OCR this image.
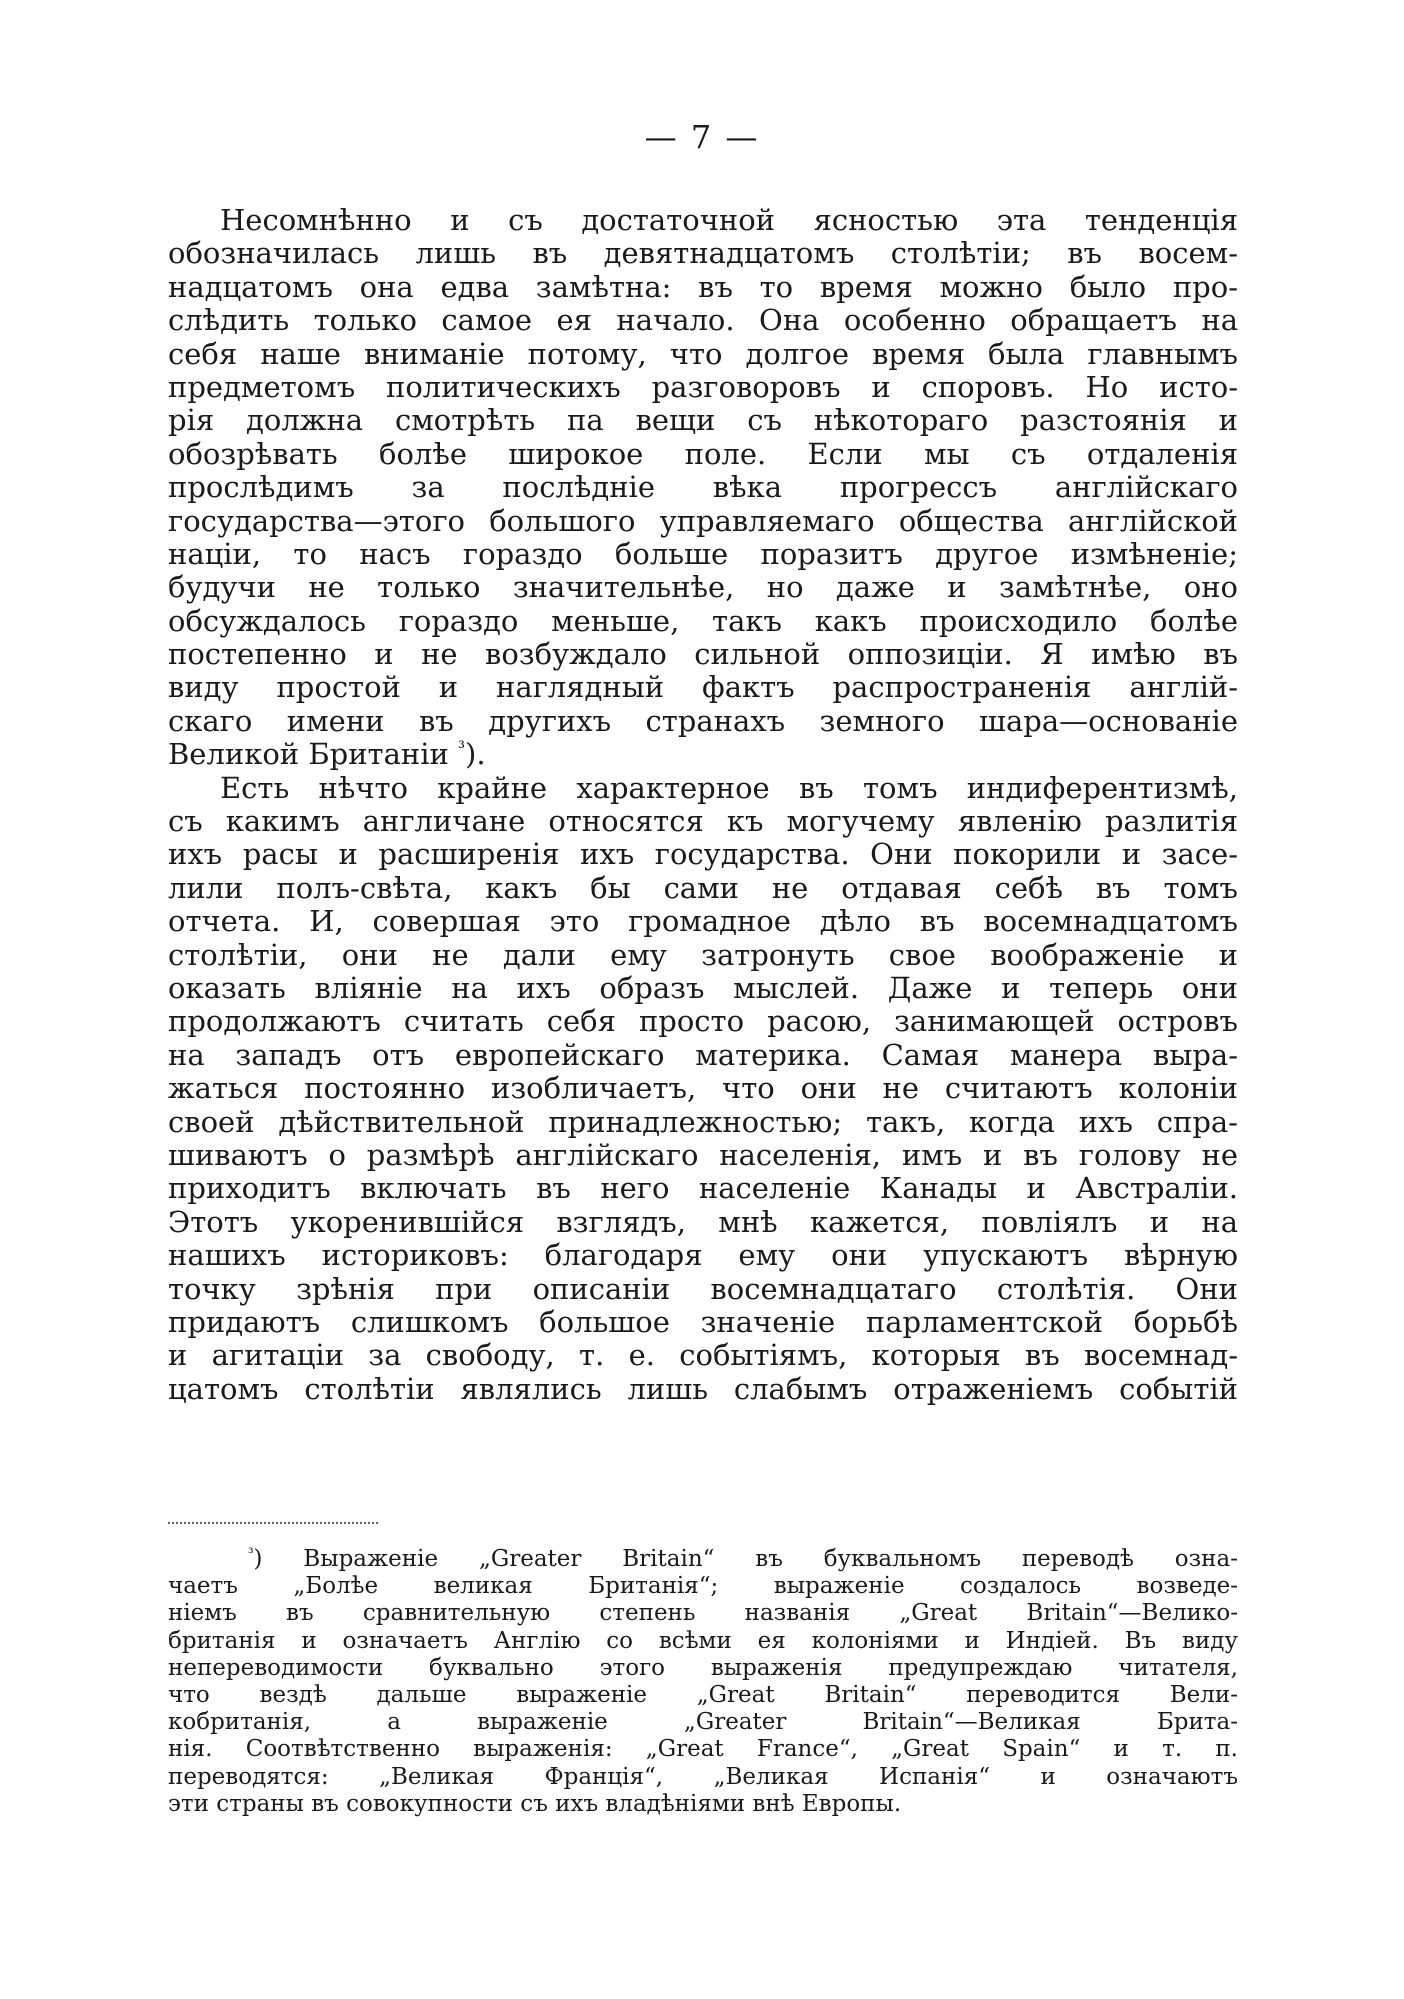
— 7 —
Несомнѣнно и съ достаточной ясностью эта тенденція
обозначилась лишь въ девятнадцатомъ столѣтіи; въ восем-
надцатомъ она едва замѣтна: въ то время можно было про-
слѣдить только самое ея начало. Она особенно обращаетъ на
себя наше вниманіе потому, что долгое время была главнымъ
предметомъ политическихъ разговоровъ и споровъ. Но исто-
рія должна смотрѣть па вещи съ нѣкотораго разстоянія и
обозрѣвать болѣе широкое поле. Если мы съ отдаленія
прослѣдимъ за послѣдніе вѣка прогрессъ англійскаго
государства—этого большого управляемаго общества англійской
націи, то насъ гораздо больше поразитъ другое измѣненіе;
будучи не только значительнѣе, но даже и замѣтнѣе, оно
обсуждалось гораздо меньше, такъ какъ происходило болѣе
постепенно и не возбуждало сильной оппозиціи. Я имѣю въ
виду простой и наглядный фактъ распространенія англій-
скаго имени въ другихъ странахъ земного шара—основаніе
Великой Британіи $^{^3}$).
Есть нѣчто крайне характерное въ томъ индиферентизмѣ,
съ какимъ англичане относятся къ могучему явленію разлитія
ихъ расы и расширенія ихъ государства. Они покорили и засе-
лили полъ-свѣта, какъ бы сами не отдавая себѣ въ томъ
отчета. И, совершая это громадное дѣло въ восемнадцатомъ
столѣтіи, они не дали ему затронуть свое воображеніе и
оказать вліяніе на ихъ образъ мыслей. Даже и теперь они
продолжаютъ считать себя просто расою, занимающей островъ
на западъ отъ европейскаго материка. Самая манера выра-
жаться постоянно изобличаетъ, что они не считаютъ колоніи
своей дѣйствительной принадлежностью; такъ, когда ихъ спра-
шиваютъ о размѣрѣ англійскаго населенія, имъ и въ голову не
приходитъ включать въ него населеніе Канады и Австраліи.
Этотъ укоренившійся взглядъ, мнѣ кажется, повліялъ и на
нашихъ историковъ: благодаря ему они упускаютъ вѣрную
точку зрѣнія при описаніи восемнадцатаго столѣтія. Они
придаютъ слишкомъ большое значеніе парламентской борьбѣ
и агитаціи за свободу, т. е. событіямъ, которыя въ восемнад-
цатомъ столѣтіи являлись лишь слабымъ отраженіемъ событій
$^{^3}$) Выраженіе „Greater Britain“ въ буквальномъ переводѣ озна-
чаетъ „Болѣе великая Британія“; выраженіе создалось возведе-
ніемъ въ сравнительную степень названія „Great Britain“—Велико-
британія и означаетъ Англію со всѣми ея колоніями и Индіей. Въ виду
непереводимости буквально этого выраженія предупреждаю читателя,
что вездѣ дальше выраженіе „Great Britain“ переводится Вели-
кобританія, а выраженіе „Greater Britain“—Великая Брита-
нія. Соотвѣтственно выраженія: „Great France“, „Great Spain“ и т. п.
переводятся: „Великая Франція“, „Великая Испанія“ и означаютъ
эти страны въ совокупности съ ихъ владѣніями внѣ Европы.
